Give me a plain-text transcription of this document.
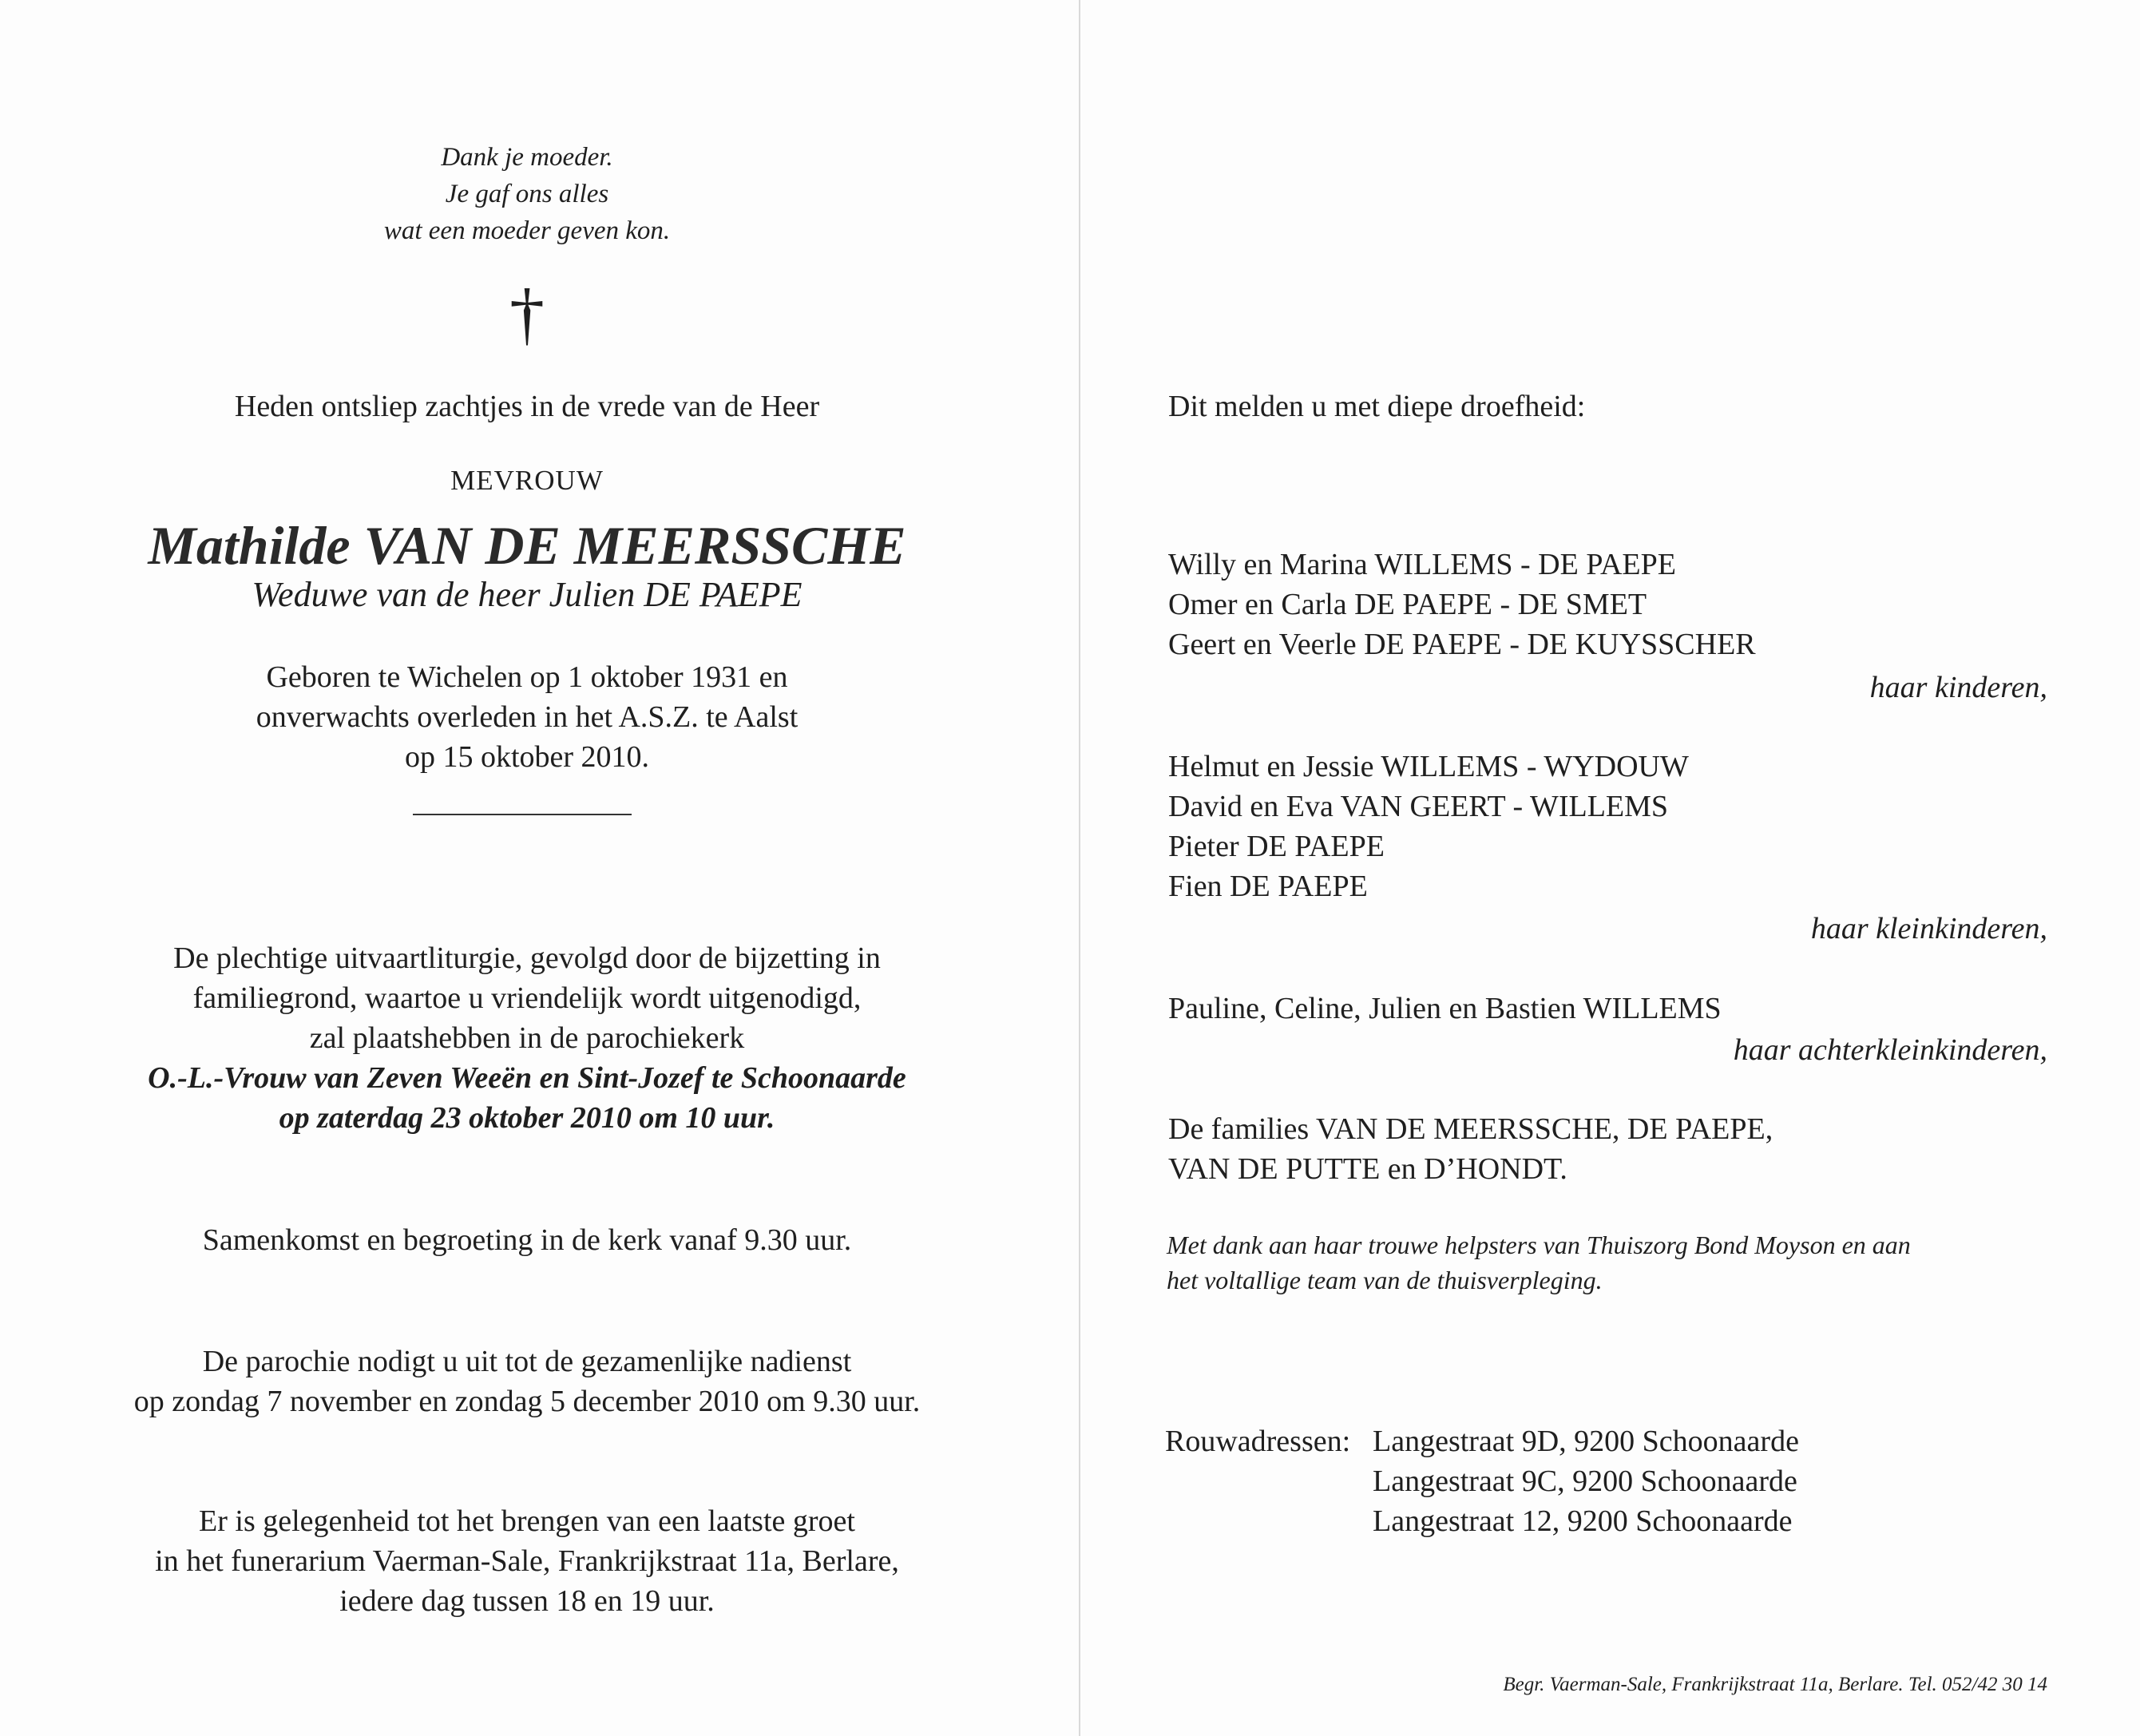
Dank je moeder.
Je gaf ons alles
wat een moeder geven kon.
†
Heden ontsliep zachtjes in de vrede van de Heer
MEVROUW
Mathilde VAN DE MEERSSCHE
Weduwe van de heer Julien DE PAEPE
Geboren te Wichelen op 1 oktober 1931 en
onverwachts overleden in het A.S.Z. te Aalst
op 15 oktober 2010.
De plechtige uitvaartliturgie, gevolgd door de bijzetting in
familiegrond, waartoe u vriendelijk wordt uitgenodigd,
zal plaatshebben in de parochiekerk
O.-L.-Vrouw van Zeven Weeën en Sint-Jozef te Schoonaarde
op zaterdag 23 oktober 2010 om 10 uur.
Samenkomst en begroeting in de kerk vanaf 9.30 uur.
De parochie nodigt u uit tot de gezamenlijke nadienst
op zondag 7 november en zondag 5 december 2010 om 9.30 uur.
Er is gelegenheid tot het brengen van een laatste groet
in het funerarium Vaerman-Sale, Frankrijkstraat 11a, Berlare,
iedere dag tussen 18 en 19 uur.
Dit melden u met diepe droefheid:
Willy en Marina WILLEMS - DE PAEPE
Omer en Carla DE PAEPE - DE SMET
Geert en Veerle DE PAEPE - DE KUYSSCHER
haar kinderen,
Helmut en Jessie WILLEMS - WYDOUW
David en Eva VAN GEERT - WILLEMS
Pieter DE PAEPE
Fien DE PAEPE
haar kleinkinderen,
Pauline, Celine, Julien en Bastien WILLEMS
haar achterkleinkinderen,
De families VAN DE MEERSSCHE, DE PAEPE,
VAN DE PUTTE en D’HONDT.
Met dank aan haar trouwe helpsters van Thuiszorg Bond Moyson en aan
het voltallige team van de thuisverpleging.
Rouwadressen: Langestraat 9D, 9200 Schoonaarde
Langestraat 9C, 9200 Schoonaarde
Langestraat 12, 9200 Schoonaarde
Begr. Vaerman-Sale, Frankrijkstraat 11a, Berlare. Tel. 052/42 30 14
